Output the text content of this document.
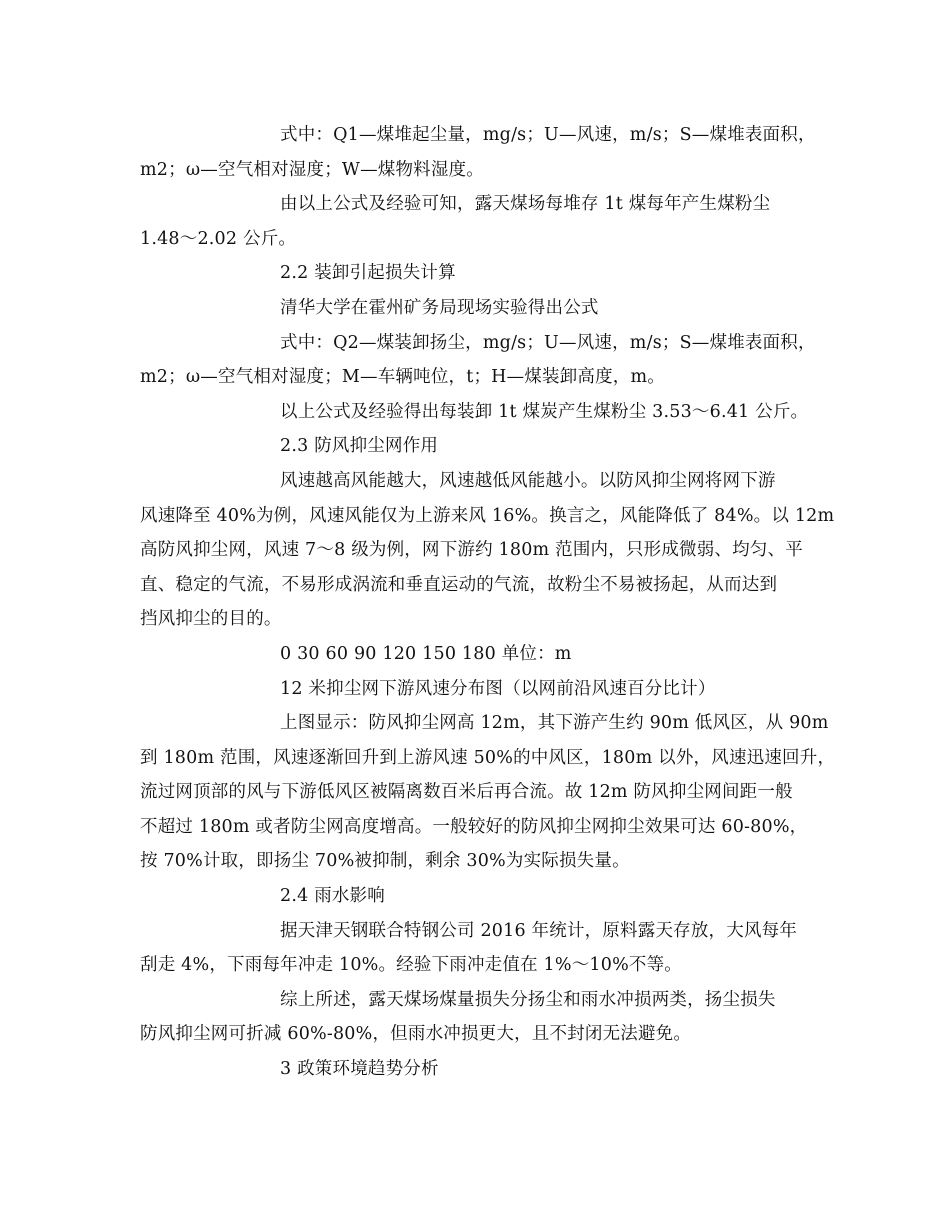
式中：Q1—煤堆起尘量，mg/s；U—风速，m/s；S—煤堆表面积，
m2；ω—空气相对湿度；W—煤物料湿度。
由以上公式及经验可知，露天煤场每堆存 1t 煤每年产生煤粉尘
1.48～2.02 公斤。
2.2 装卸引起损失计算
清华大学在霍州矿务局现场实验得出公式
式中：Q2—煤装卸扬尘，mg/s；U—风速，m/s；S—煤堆表面积，
m2；ω—空气相对湿度；M—车辆吨位，t；H—煤装卸高度，m。
以上公式及经验得出每装卸 1t 煤炭产生煤粉尘 3.53～6.41 公斤。
2.3 防风抑尘网作用
风速越高风能越大，风速越低风能越小。以防风抑尘网将网下游
风速降至 40%为例，风速风能仅为上游来风 16%。换言之，风能降低了 84%。以 12m
高防风抑尘网，风速 7～8 级为例，网下游约 180m 范围内，只形成微弱、均匀、平
直、稳定的气流，不易形成涡流和垂直运动的气流，故粉尘不易被扬起，从而达到
挡风抑尘的目的。
0 30 60 90 120 150 180 单位：m
12 米抑尘网下游风速分布图（以网前沿风速百分比计）
上图显示：防风抑尘网高 12m，其下游产生约 90m 低风区，从 90m
到 180m 范围，风速逐渐回升到上游风速 50%的中风区，180m 以外，风速迅速回升，
流过网顶部的风与下游低风区被隔离数百米后再合流。故 12m 防风抑尘网间距一般
不超过 180m 或者防尘网高度增高。一般较好的防风抑尘网抑尘效果可达 60-80%，
按 70%计取，即扬尘 70%被抑制，剩余 30%为实际损失量。
2.4 雨水影响
据天津天钢联合特钢公司 2016 年统计，原料露天存放，大风每年
刮走 4%，下雨每年冲走 10%。经验下雨冲走值在 1%～10%不等。
综上所述，露天煤场煤量损失分扬尘和雨水冲损两类，扬尘损失
防风抑尘网可折减 60%-80%，但雨水冲损更大，且不封闭无法避免。
3 政策环境趋势分析
